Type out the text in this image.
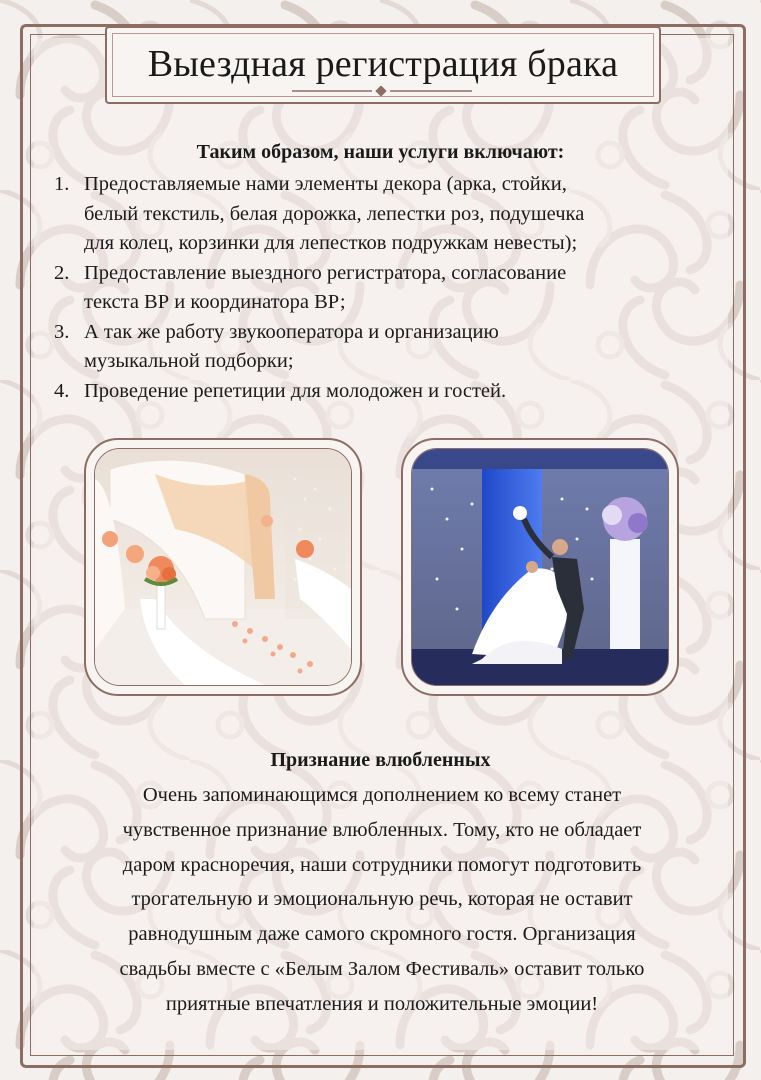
Выездная регистрация брака
Таким образом, наши услуги включают:
1. Предоставляемые нами элементы декора (арка, стойки,
белый текстиль, белая дорожка, лепестки роз, подушечка
для колец, корзинки для лепестков подружкам невесты);
2. Предоставление выездного регистратора, согласование
текста ВР и координатора ВР;
3. А так же работу звукооператора и организацию
музыкальной подборки;
4. Проведение репетиции для молодожен и гостей.
Признание влюбленных

Очень запоминающимся дополнением ко всему станет
чувственное признание влюбленных. Тому, кто не обладает
даром красноречия, наши сотрудники помогут подготовить
трогательную и эмоциональную речь, которая не оставит
равнодушным даже самого скромного гостя. Организация
свадьбы вместе с «Белым Залом Фестиваль» оставит только
приятные впечатления и положительные эмоции!
